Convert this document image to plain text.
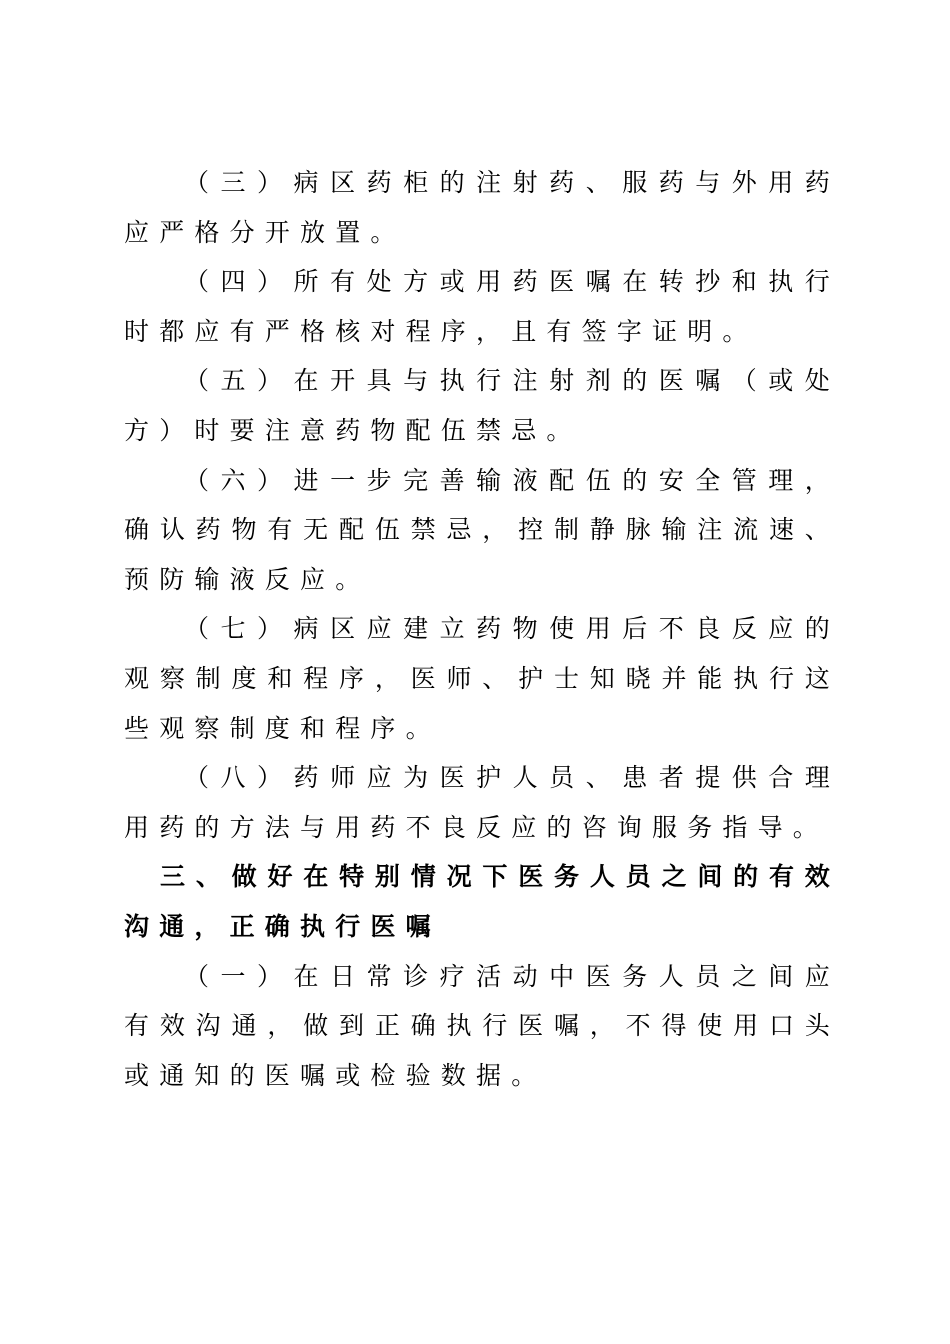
（三）病区药柜的注射药、服药与外用药应严格分开放置。

（四）所有处方或用药医嘱在转抄和执行时都应有严格核对程序，且有签字证明。

（五）在开具与执行注射剂的医嘱（或处方）时要注意药物配伍禁忌。

（六）进一步完善输液配伍的安全管理，确认药物有无配伍禁忌，控制静脉输注流速、预防输液反应。

（七）病区应建立药物使用后不良反应的观察制度和程序，医师、护士知晓并能执行这些观察制度和程序。

（八）药师应为医护人员、患者提供合理用药的方法与用药不良反应的咨询服务指导。

三、做好在特别情况下医务人员之间的有效沟通，正确执行医嘱

（一）在日常诊疗活动中医务人员之间应有效沟通，做到正确执行医嘱，不得使用口头或通知的医嘱或检验数据。
